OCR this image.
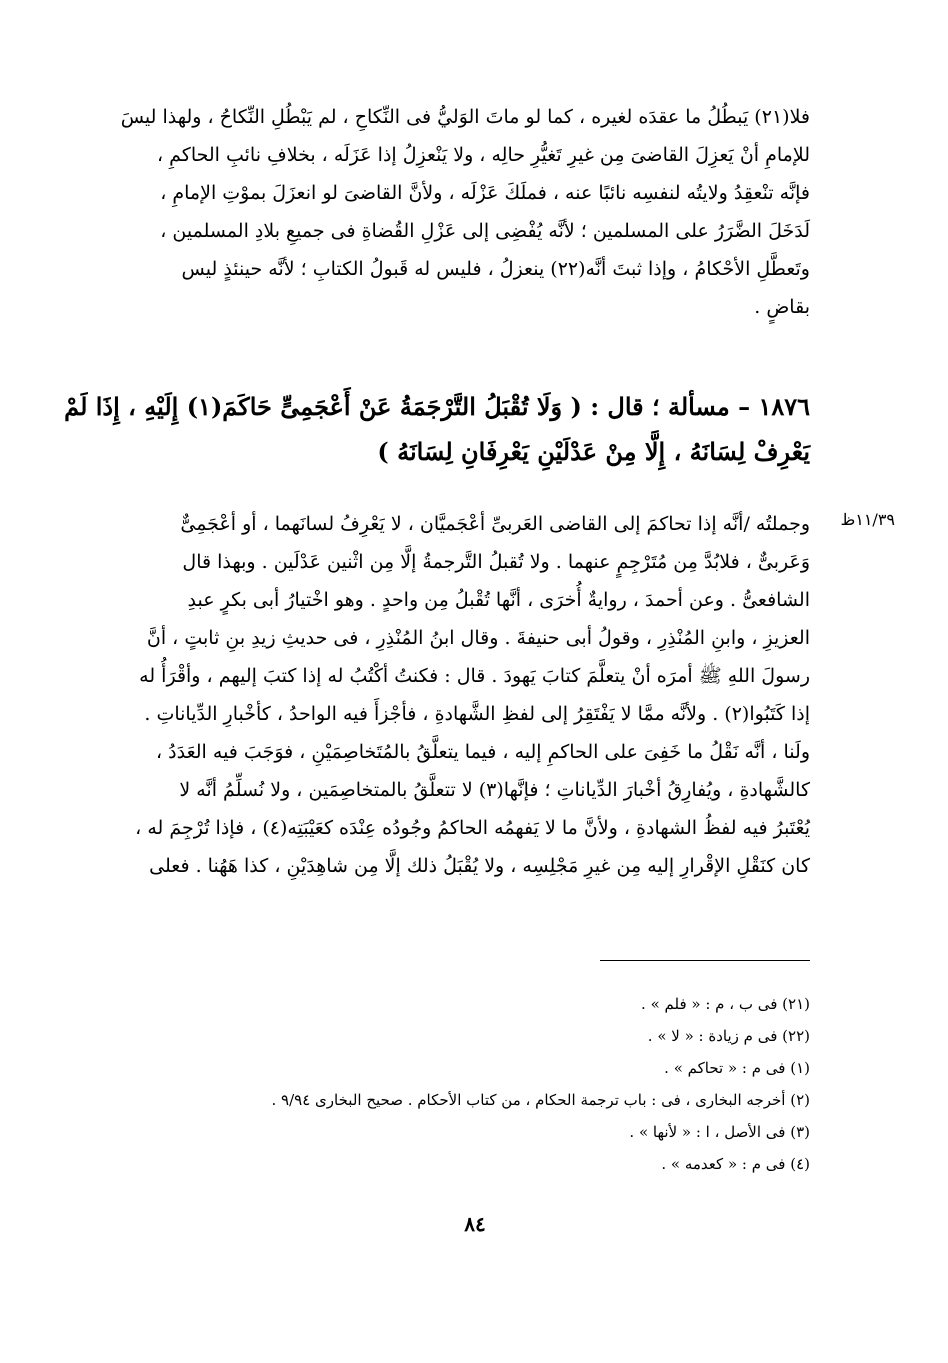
فلا(٢١) يَبطُلُ ما عقدَه لغيره ، كما لو ماتَ الوَليُّ فى النِّكاحِ ، لم يَبْطُلِ النِّكاحُ ، ولهذا ليسَ
للإمامِ أنْ يَعزِلَ القاضىَ مِن غيرِ تَغيُّرِ حالِه ، ولا يَنْعزِلُ إذا عَزَلَه ، بخلافِ نائبِ الحاكمِ ،
فإنَّه تنْعقِدُ ولايتُه لنفسِه نائبًا عنه ، فملَكَ عَزْلَه ، ولأنَّ القاضىَ لو انعزَلَ بموْتِ الإمامِ ،
لَدَخَلَ الضَّرَرُ على المسلمين ؛ لأنَّه يُفْضِى إلى عَزْلِ القُضاةِ فى جميعِ بلادِ المسلمين ،
وتَعطَّلِ الأحْكامُ ، وإذا ثبتَ أنَّه(٢٢) ينعزلُ ، فليس له قَبولُ الكتابِ ؛ لأنَّه حينئذٍ ليس
بقاضٍ .
١٨٧٦ – مسألة ؛ قال : ( وَلَا تُقْبَلُ التَّرْجَمَةُ عَنْ أَعْجَمِىٍّ حَاكَمَ(١) إِلَيْهِ ، إِذَا لَمْ
يَعْرِفْ لِسَانَهُ ، إِلَّا مِنْ عَدْلَيْنِ يَعْرِفَانِ لِسَانَهُ )
١١/٣٩ظ
وجملتُه /أنَّه إذا تحاكمَ إلى القاضى العَربىِّ أعْجَميَّان ، لا يَعْرِفُ لسانَهما ، أو أعْجَمِىٌّ
وَعَربىٌّ ، فلابُدَّ مِن مُتَرْجِمٍ عنهما . ولا تُقبلُ التَّرجمةُ إلَّا مِن اثْنين عَدْلَين . وبهذا قال
الشافعىُّ . وعن أحمدَ ، روايةٌ أُخرَى ، أنَّها تُقْبلُ مِن واحدٍ . وهو اخْتيارُ أبى بكرٍ عبدِ
العزيزِ ، وابنِ المُنْذِرِ ، وقولُ أبى حنيفةَ . وقال ابنُ المُنْذِرِ ، فى حديثِ زيدِ بنِ ثابتٍ ، أنَّ
رسولَ اللهِ ﷺ أمرَه أنْ يتعلَّمَ كتابَ يَهودَ . قال : فكنتُ أكْتُبُ له إذا كتبَ إليهم ، وأقْرَأُ له
إذا كَتَبُوا(٢) . ولأنَّه ممَّا لا يَفْتَقِرُ إلى لفظِ الشَّهادةِ ، فأجْزأَ فيه الواحدُ ، كأخْبارِ الدِّياناتِ .
ولَنا ، أنَّه نَقْلُ ما خَفِىَ على الحاكمِ إليه ، فيما يتعلَّقُ بالمُتَخاصِمَيْنِ ، فوَجَبَ فيه العَدَدُ ،
كالشَّهادةِ ، ويُفارِقُ أخْبارَ الدِّياناتِ ؛ فإنَّها(٣) لا تتعلَّقُ بالمتخاصِمَين ، ولا نُسلِّمُ أنَّه لا
يُعْتَبرُ فيه لفظُ الشهادةِ ، ولأنَّ ما لا يَفهمُه الحاكمُ وجُودُه عِنْدَه كعَيْبَتِه(٤) ، فإذا تُرْجِمَ له ،
كان كنَقْلِ الإقْرارِ إليه مِن غيرِ مَجْلِسِه ، ولا يُقْبَلُ ذلك إلَّا مِن شاهِدَيْنِ ، كذا هَهُنا . فعلى
(٢١) فى ب ، م : « فلم » .
(٢٢) فى م زيادة : « لا » .
(١) فى م : « تحاكم » .
(٢) أخرجه البخارى ، فى : باب ترجمة الحكام ، من كتاب الأحكام . صحيح البخارى ٩/٩٤ .
(٣) فى الأصل ، ا : « لأنها » .
(٤) فى م : « كعدمه » .
٨٤
